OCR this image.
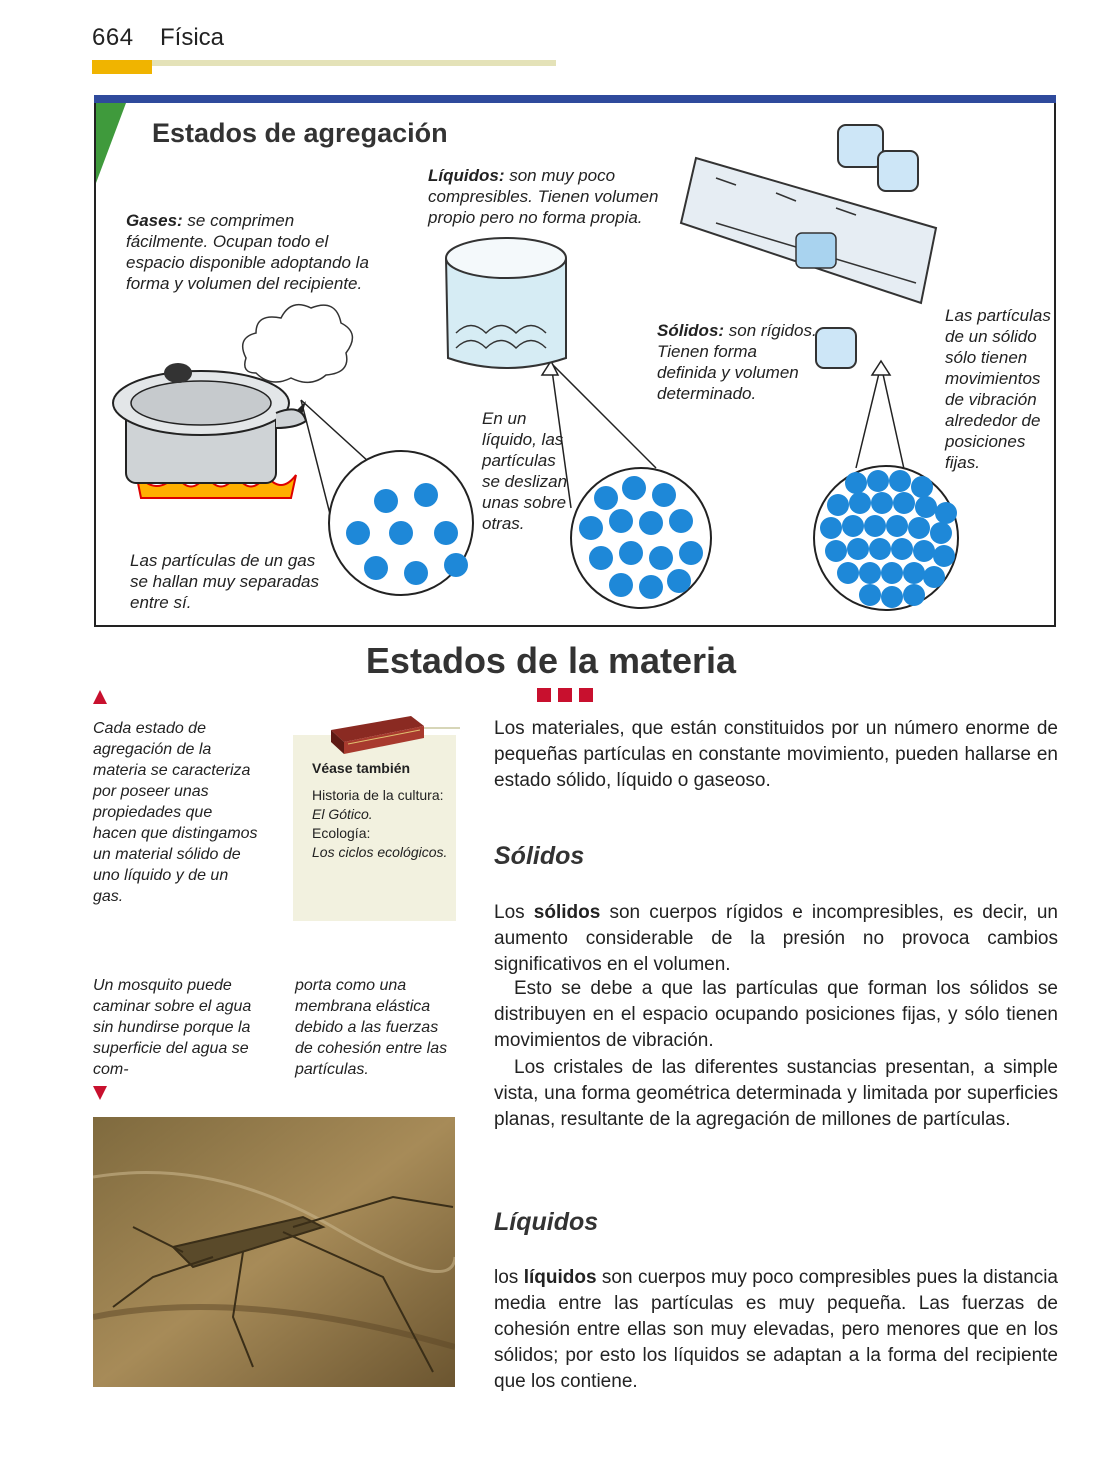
664 Física
Estados de agregación
Gases: se comprimen fácilmente. Ocupan todo el espacio disponible adoptando la forma y volumen del recipiente.
Líquidos: son muy poco compresibles. Tienen volumen propio pero no forma propia.
Sólidos: son rígidos. Tienen forma definida y volumen determinado.
Las partículas de un sólido sólo tienen movimientos de vibración alrededor de posiciones fijas.
En un líquido, las partículas se deslizan unas sobre otras.
Las partículas de un gas se hallan muy separadas entre sí.
Estados de la materia
Cada estado de agregación de la materia se caracteriza por poseer unas propiedades que hacen que distingamos un material sólido de uno líquido y de un gas.
Un mosquito puede caminar sobre el agua sin hundirse porque la superficie del agua se com-
porta como una membrana elástica debido a las fuerzas de cohesión entre las partículas.
Véase también
Historia de la cultura:
El Gótico.
Ecología:
Los ciclos ecológicos.
Los materiales, que están constituidos por un número enorme de pequeñas partículas en constante movimiento, pueden hallarse en estado sólido, líquido o gaseoso.
Sólidos
Los sólidos son cuerpos rígidos e incompresibles, es decir, un aumento considerable de la presión no provoca cambios significativos en el volumen.
Esto se debe a que las partículas que forman los sólidos se distribuyen en el espacio ocupando posiciones fijas, y sólo tienen movimientos de vibración.
Los cristales de las diferentes sustancias presentan, a simple vista, una forma geométrica determinada y limitada por superficies planas, resultante de la agregación de millones de partículas.
Líquidos
los líquidos son cuerpos muy poco compresibles pues la distancia media entre las partículas es muy pequeña. Las fuerzas de cohesión entre ellas son muy elevadas, pero menores que en los sólidos; por esto los líquidos se adaptan a la forma del recipiente que los contiene.
